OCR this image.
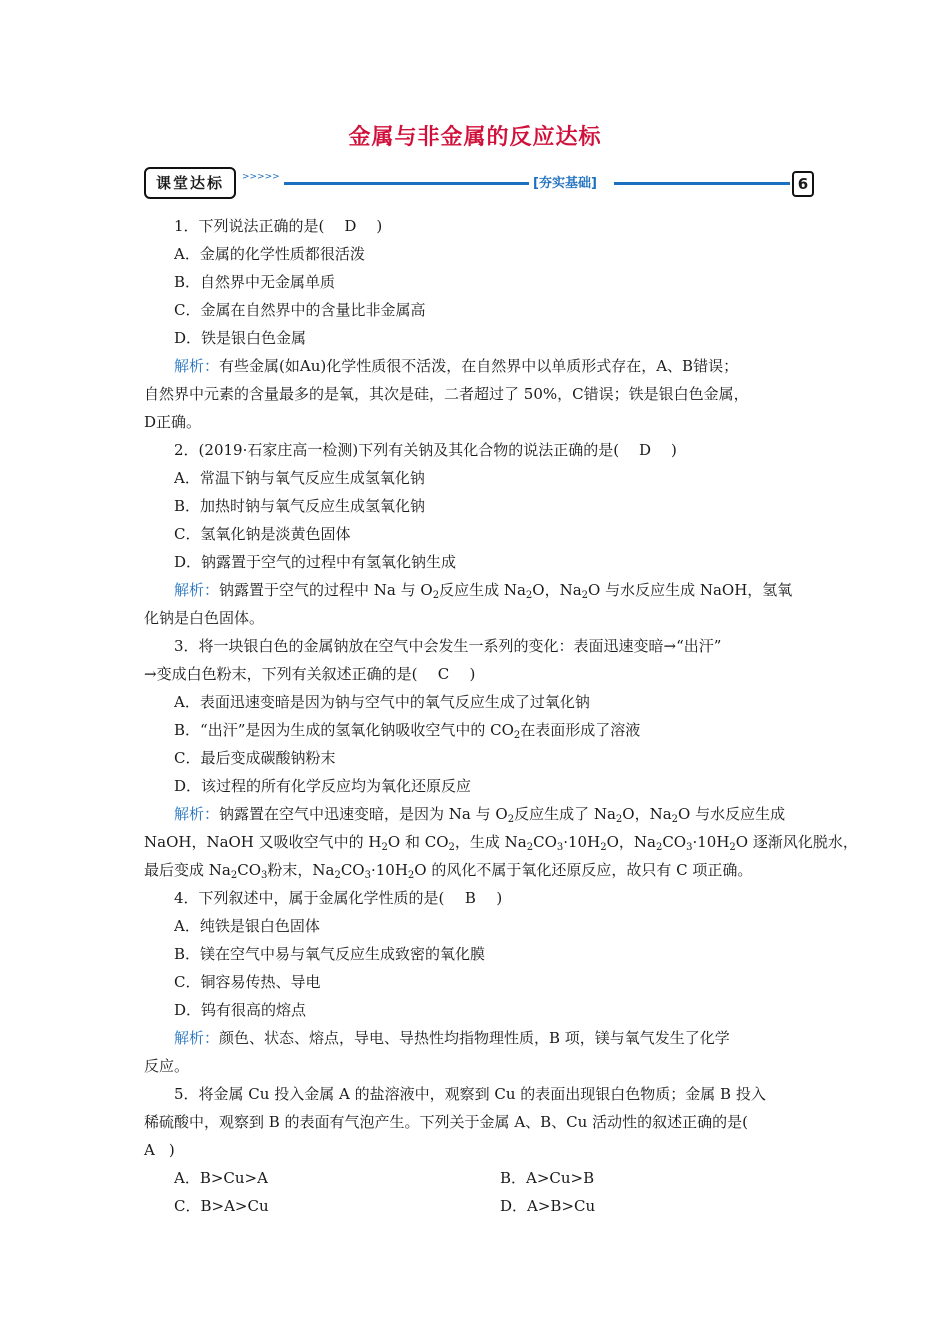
金属与非金属的反应达标
课堂达标	>>>>>	[夯实基础]	6
1．下列说法正确的是( D )
A．金属的化学性质都很活泼
B．自然界中无金属单质
C．金属在自然界中的含量比非金属高
D．铁是银白色金属
解析：有些金属(如Au)化学性质很不活泼，在自然界中以单质形式存在，A、B错误；
自然界中元素的含量最多的是氧，其次是硅，二者超过了 50%，C错误；铁是银白色金属，
D正确。
2．(2019·石家庄高一检测)下列有关钠及其化合物的说法正确的是( D )
A．常温下钠与氧气反应生成氢氧化钠
B．加热时钠与氧气反应生成氢氧化钠
C．氢氧化钠是淡黄色固体
D．钠露置于空气的过程中有氢氧化钠生成
解析：钠露置于空气的过程中 Na 与 $O_2$反应生成 $Na_2O$，$Na_2O$ 与水反应生成 NaOH，氢氧
化钠是白色固体。
3．将一块银白色的金属钠放在空气中会发生一系列的变化：表面迅速变暗→“出汗”
→变成白色粉末，下列有关叙述正确的是( C )
A．表面迅速变暗是因为钠与空气中的氧气反应生成了过氧化钠
B．“出汗”是因为生成的氢氧化钠吸收空气中的 $CO_2$在表面形成了溶液
C．最后变成碳酸钠粉末
D．该过程的所有化学反应均为氧化还原反应
解析：钠露置在空气中迅速变暗，是因为 Na 与 $O_2$反应生成了 $Na_2O$，$Na_2O$ 与水反应生成
NaOH，NaOH 又吸收空气中的 $H_2O$ 和 $CO_2$，生成 $Na_2CO_3\cdot 10H_2O$，$Na_2CO_3\cdot 10H_2O$ 逐渐风化脱水，
最后变成 $Na_2CO_3$粉末，$Na_2CO_3\cdot 10H_2O$ 的风化不属于氧化还原反应，故只有 C 项正确。
4．下列叙述中，属于金属化学性质的是( B )
A．纯铁是银白色固体
B．镁在空气中易与氧气反应生成致密的氧化膜
C．铜容易传热、导电
D．钨有很高的熔点
解析：颜色、状态、熔点，导电、导热性均指物理性质，B 项，镁与氧气发生了化学
反应。
5．将金属 Cu 投入金属 A 的盐溶液中，观察到 Cu 的表面出现银白色物质；金属 B 投入
稀硫酸中，观察到 B 的表面有气泡产生。下列关于金属 A、B、Cu 活动性的叙述正确的是(
A )
A．B>Cu>A	B．A>Cu>B
C．B>A>Cu	D．A>B>Cu
